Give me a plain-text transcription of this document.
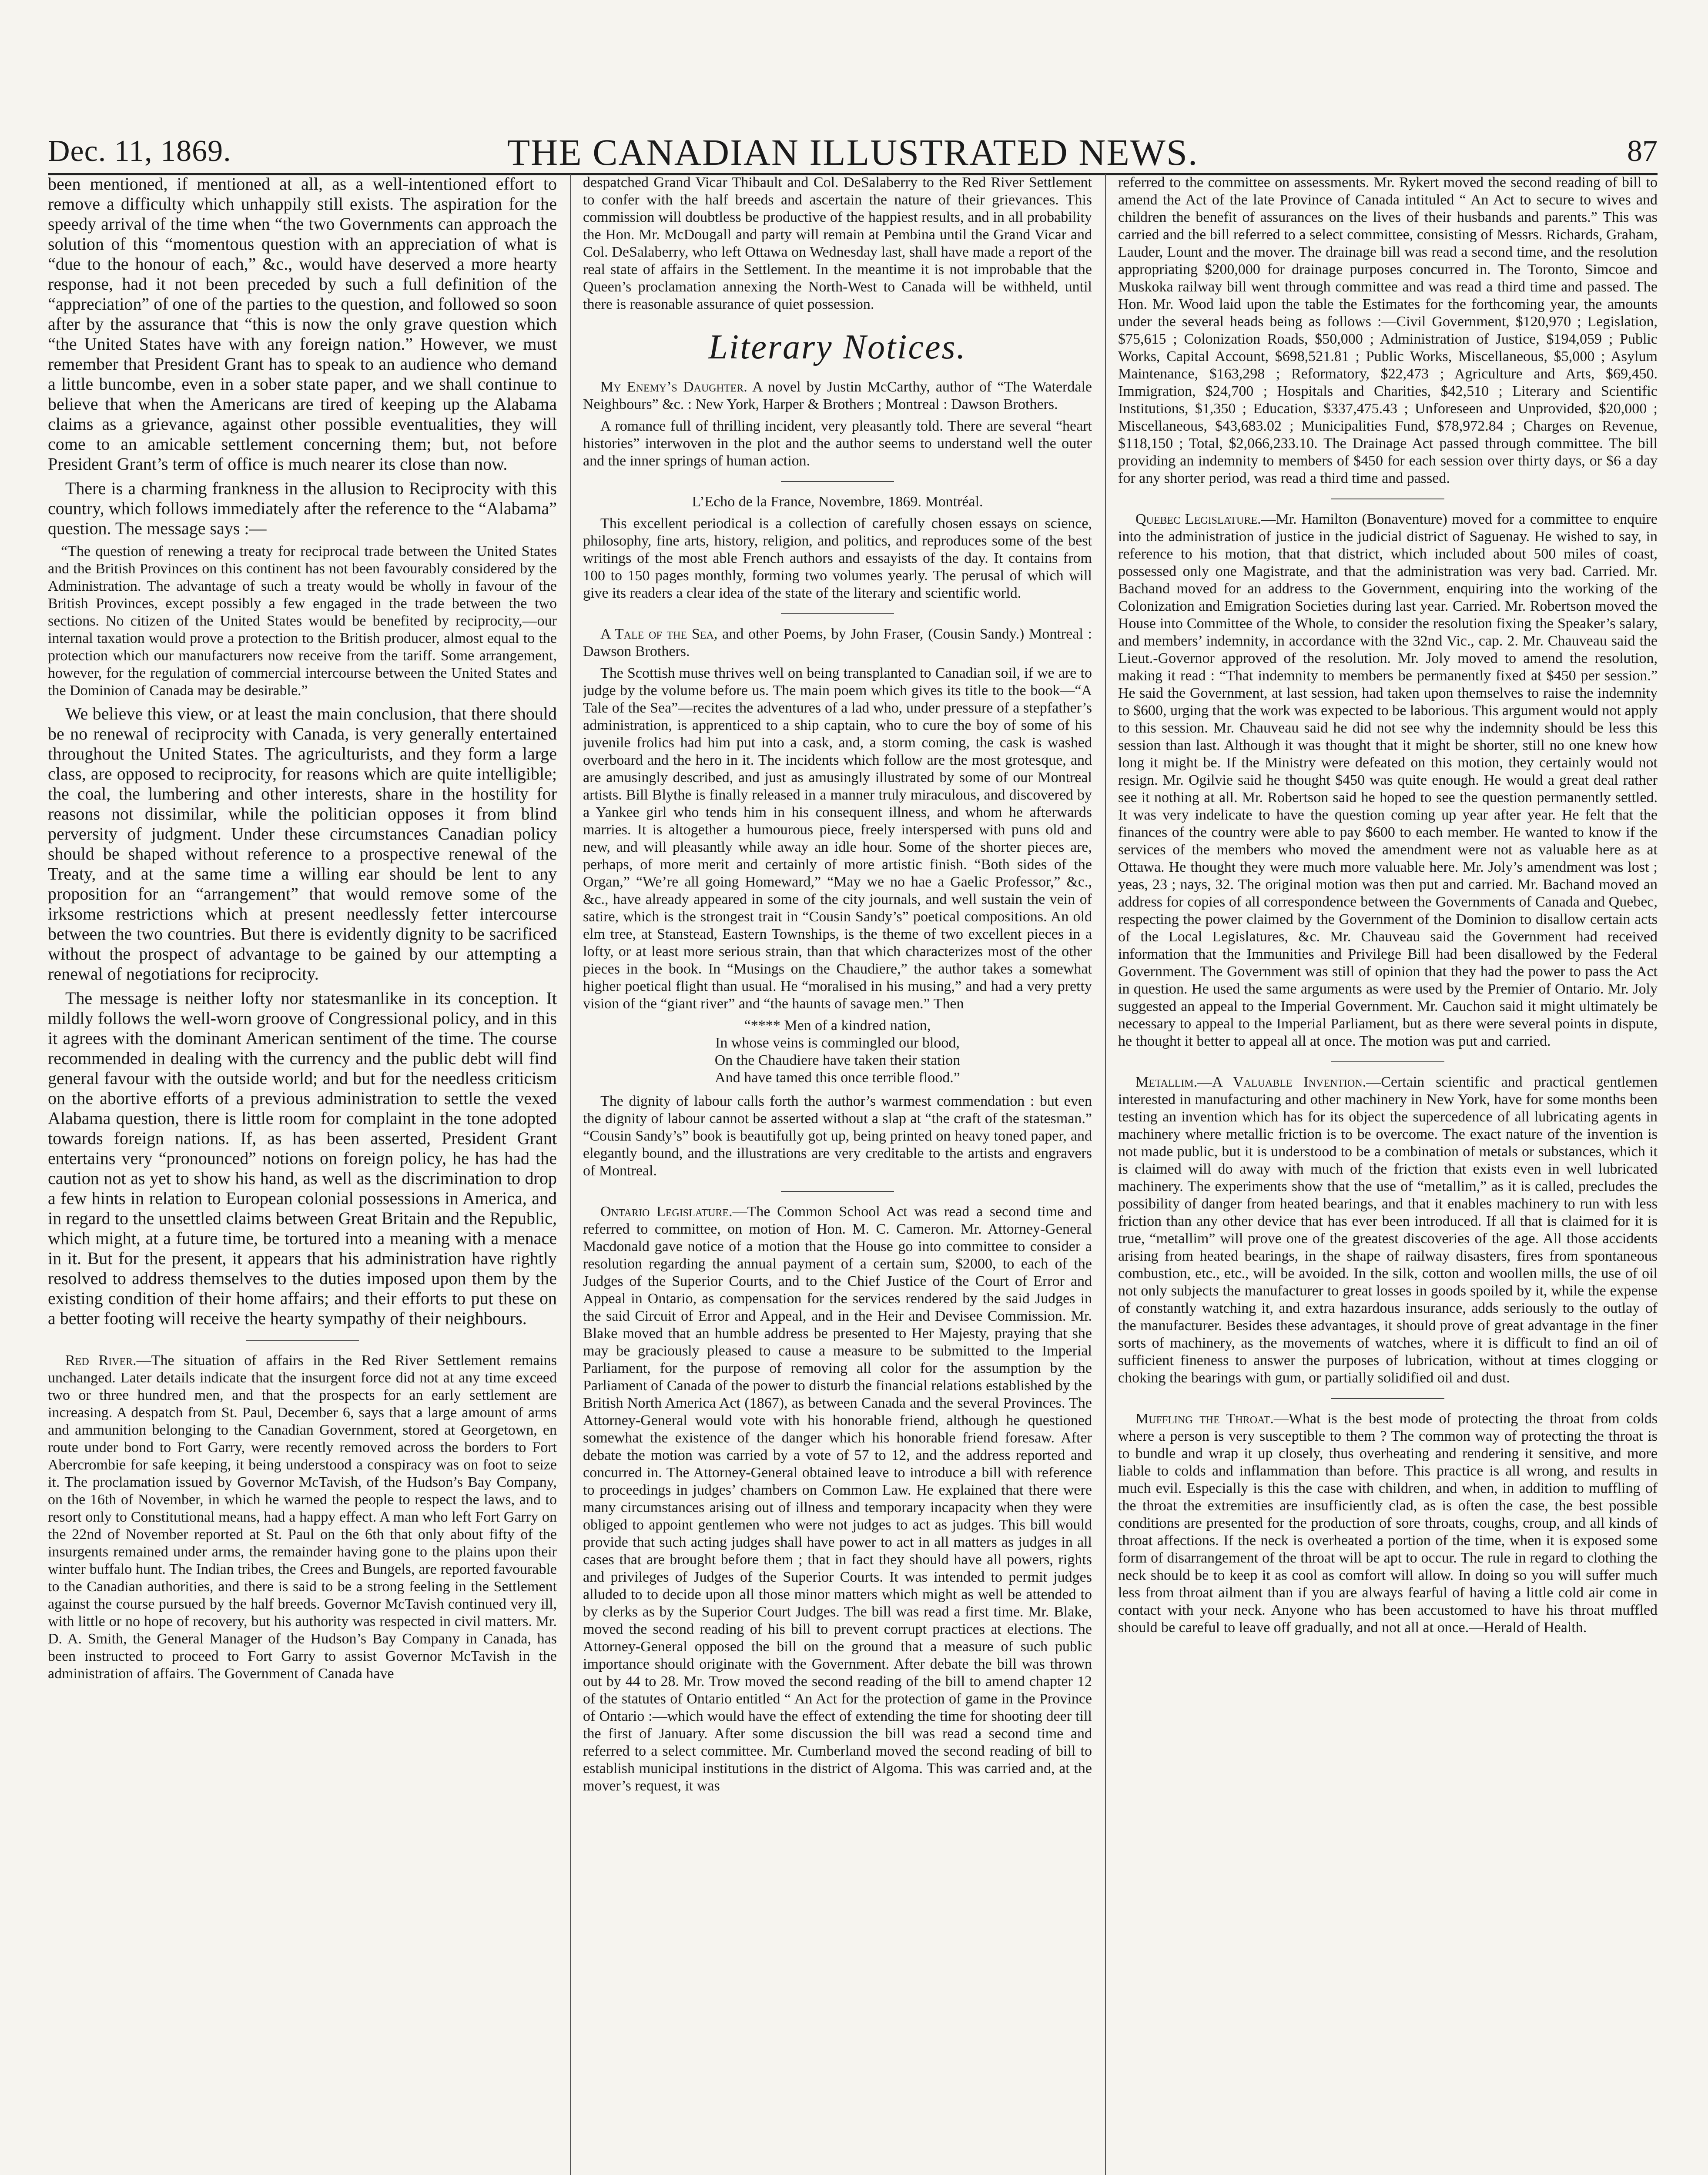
Dec. 11, 1869.	THE CANADIAN ILLUSTRATED NEWS.	87

been mentioned, if mentioned at all, as a well-intentioned effort to remove a difficulty which unhappily still exists. The aspiration for the speedy arrival of the time when “the two Governments can approach the solution of this “momentous question with an appreciation of what is “due to the honour of each,” &c., would have deserved a more hearty response, had it not been preceded by such a full definition of the “appreciation” of one of the parties to the question, and followed so soon after by the assurance that “this is now the only grave question which “the United States have with any foreign nation.” However, we must remember that President Grant has to speak to an audience who demand a little buncombe, even in a sober state paper, and we shall continue to believe that when the Americans are tired of keeping up the Alabama claims as a grievance, against other possible eventualities, they will come to an amicable settlement concerning them; but, not before President Grant’s term of office is much nearer its close than now.

There is a charming frankness in the allusion to Reciprocity with this country, which follows immediately after the reference to the “Alabama” question. The message says :—

“The question of renewing a treaty for reciprocal trade between the United States and the British Provinces on this continent has not been favourably considered by the Administration. The advantage of such a treaty would be wholly in favour of the British Provinces, except possibly a few engaged in the trade between the two sections. No citizen of the United States would be benefited by reciprocity,—our internal taxation would prove a protection to the British producer, almost equal to the protection which our manufacturers now receive from the tariff. Some arrangement, however, for the regulation of commercial intercourse between the United States and the Dominion of Canada may be desirable.”

We believe this view, or at least the main conclusion, that there should be no renewal of reciprocity with Canada, is very generally entertained throughout the United States. The agriculturists, and they form a large class, are opposed to reciprocity, for reasons which are quite intelligible; the coal, the lumbering and other interests, share in the hostility for reasons not dissimilar, while the politician opposes it from blind perversity of judgment. Under these circumstances Canadian policy should be shaped without reference to a prospective renewal of the Treaty, and at the same time a willing ear should be lent to any proposition for an “arrangement” that would remove some of the irksome restrictions which at present needlessly fetter intercourse between the two countries. But there is evidently dignity to be sacrificed without the prospect of advantage to be gained by our attempting a renewal of negotiations for reciprocity.

The message is neither lofty nor statesmanlike in its conception. It mildly follows the well-worn groove of Congressional policy, and in this it agrees with the dominant American sentiment of the time. The course recommended in dealing with the currency and the public debt will find general favour with the outside world; and but for the needless criticism on the abortive efforts of a previous administration to settle the vexed Alabama question, there is little room for complaint in the tone adopted towards foreign nations. If, as has been asserted, President Grant entertains very “pronounced” notions on foreign policy, he has had the caution not as yet to show his hand, as well as the discrimination to drop a few hints in relation to European colonial possessions in America, and in regard to the unsettled claims between Great Britain and the Republic, which might, at a future time, be tortured into a meaning with a menace in it. But for the present, it appears that his administration have rightly resolved to address themselves to the duties imposed upon them by the existing condition of their home affairs; and their efforts to put these on a better footing will receive the hearty sympathy of their neighbours.

Red River.—The situation of affairs in the Red River Settlement remains unchanged. Later details indicate that the insurgent force did not at any time exceed two or three hundred men, and that the prospects for an early settlement are increasing. A despatch from St. Paul, December 6, says that a large amount of arms and ammunition belonging to the Canadian Government, stored at Georgetown, en route under bond to Fort Garry, were recently removed across the borders to Fort Abercrombie for safe keeping, it being understood a conspiracy was on foot to seize it. The proclamation issued by Governor McTavish, of the Hudson’s Bay Company, on the 16th of November, in which he warned the people to respect the laws, and to resort only to Constitutional means, had a happy effect. A man who left Fort Garry on the 22nd of November reported at St. Paul on the 6th that only about fifty of the insurgents remained under arms, the remainder having gone to the plains upon their winter buffalo hunt. The Indian tribes, the Crees and Bungels, are reported favourable to the Canadian authorities, and there is said to be a strong feeling in the Settlement against the course pursued by the half breeds. Governor McTavish continued very ill, with little or no hope of recovery, but his authority was respected in civil matters. Mr. D. A. Smith, the General Manager of the Hudson’s Bay Company in Canada, has been instructed to proceed to Fort Garry to assist Governor McTavish in the administration of affairs. The Government of Canada have

despatched Grand Vicar Thibault and Col. DeSalaberry to the Red River Settlement to confer with the half breeds and ascertain the nature of their grievances. This commission will doubtless be productive of the happiest results, and in all probability the Hon. Mr. McDougall and party will remain at Pembina until the Grand Vicar and Col. DeSalaberry, who left Ottawa on Wednesday last, shall have made a report of the real state of affairs in the Settlement. In the meantime it is not improbable that the Queen’s proclamation annexing the North-West to Canada will be withheld, until there is reasonable assurance of quiet possession.

Literary Notices.

My Enemy’s Daughter. A novel by Justin McCarthy, author of “The Waterdale Neighbours” &c. : New York, Harper & Brothers ; Montreal : Dawson Brothers.

A romance full of thrilling incident, very pleasantly told. There are several “heart histories” interwoven in the plot and the author seems to understand well the outer and the inner springs of human action.

L’Echo de la France, Novembre, 1869. Montréal.

This excellent periodical is a collection of carefully chosen essays on science, philosophy, fine arts, history, religion, and politics, and reproduces some of the best writings of the most able French authors and essayists of the day. It contains from 100 to 150 pages monthly, forming two volumes yearly. The perusal of which will give its readers a clear idea of the state of the literary and scientific world.

A Tale of the Sea, and other Poems, by John Fraser, (Cousin Sandy.) Montreal : Dawson Brothers.

The Scottish muse thrives well on being transplanted to Canadian soil, if we are to judge by the volume before us. The main poem which gives its title to the book—“A Tale of the Sea”—recites the adventures of a lad who, under pressure of a stepfather’s administration, is apprenticed to a ship captain, who to cure the boy of some of his juvenile frolics had him put into a cask, and, a storm coming, the cask is washed overboard and the hero in it. The incidents which follow are the most grotesque, and are amusingly described, and just as amusingly illustrated by some of our Montreal artists. Bill Blythe is finally released in a manner truly miraculous, and discovered by a Yankee girl who tends him in his consequent illness, and whom he afterwards marries. It is altogether a humourous piece, freely interspersed with puns old and new, and will pleasantly while away an idle hour. Some of the shorter pieces are, perhaps, of more merit and certainly of more artistic finish. “Both sides of the Organ,” “We’re all going Homeward,” “May we no hae a Gaelic Professor,” &c., &c., have already appeared in some of the city journals, and well sustain the vein of satire, which is the strongest trait in “Cousin Sandy’s” poetical compositions. An old elm tree, at Stanstead, Eastern Townships, is the theme of two excellent pieces in a lofty, or at least more serious strain, than that which characterizes most of the other pieces in the book. In “Musings on the Chaudiere,” the author takes a somewhat higher poetical flight than usual. He “moralised in his musing,” and had a very pretty vision of the “giant river” and “the haunts of savage men.” Then

“**** Men of a kindred nation,
In whose veins is commingled our blood,
On the Chaudiere have taken their station
And have tamed this once terrible flood.”

The dignity of labour calls forth the author’s warmest commendation : but even the dignity of labour cannot be asserted without a slap at “the craft of the statesman.” “Cousin Sandy’s” book is beautifully got up, being printed on heavy toned paper, and elegantly bound, and the illustrations are very creditable to the artists and engravers of Montreal.

Ontario Legislature.—The Common School Act was read a second time and referred to committee, on motion of Hon. M. C. Cameron. Mr. Attorney-General Macdonald gave notice of a motion that the House go into committee to consider a resolution regarding the annual payment of a certain sum, $2000, to each of the Judges of the Superior Courts, and to the Chief Justice of the Court of Error and Appeal in Ontario, as compensation for the services rendered by the said Judges in the said Circuit of Error and Appeal, and in the Heir and Devisee Commission. Mr. Blake moved that an humble address be presented to Her Majesty, praying that she may be graciously pleased to cause a measure to be submitted to the Imperial Parliament, for the purpose of removing all color for the assumption by the Parliament of Canada of the power to disturb the financial relations established by the British North America Act (1867), as between Canada and the several Provinces. The Attorney-General would vote with his honorable friend, although he questioned somewhat the existence of the danger which his honorable friend foresaw. After debate the motion was carried by a vote of 57 to 12, and the address reported and concurred in. The Attorney-General obtained leave to introduce a bill with reference to proceedings in judges’ chambers on Common Law. He explained that there were many circumstances arising out of illness and temporary incapacity when they were obliged to appoint gentlemen who were not judges to act as judges. This bill would provide that such acting judges shall have power to act in all matters as judges in all cases that are brought before them ; that in fact they should have all powers, rights and privileges of Judges of the Superior Courts. It was intended to permit judges alluded to to decide upon all those minor matters which might as well be attended to by clerks as by the Superior Court Judges. The bill was read a first time. Mr. Blake, moved the second reading of his bill to prevent corrupt practices at elections. The Attorney-General opposed the bill on the ground that a measure of such public importance should originate with the Government. After debate the bill was thrown out by 44 to 28. Mr. Trow moved the second reading of the bill to amend chapter 12 of the statutes of Ontario entitled “ An Act for the protection of game in the Province of Ontario :—which would have the effect of extending the time for shooting deer till the first of January. After some discussion the bill was read a second time and referred to a select committee. Mr. Cumberland moved the second reading of bill to establish municipal institutions in the district of Algoma. This was carried and, at the mover’s request, it was

referred to the committee on assessments. Mr. Rykert moved the second reading of bill to amend the Act of the late Province of Canada intituled “ An Act to secure to wives and children the benefit of assurances on the lives of their husbands and parents.” This was carried and the bill referred to a select committee, consisting of Messrs. Richards, Graham, Lauder, Lount and the mover. The drainage bill was read a second time, and the resolution appropriating $200,000 for drainage purposes concurred in. The Toronto, Simcoe and Muskoka railway bill went through committee and was read a third time and passed. The Hon. Mr. Wood laid upon the table the Estimates for the forthcoming year, the amounts under the several heads being as follows :—Civil Government, $120,970 ; Legislation, $75,615 ; Colonization Roads, $50,000 ; Administration of Justice, $194,059 ; Public Works, Capital Account, $698,521.81 ; Public Works, Miscellaneous, $5,000 ; Asylum Maintenance, $163,298 ; Reformatory, $22,473 ; Agriculture and Arts, $69,450. Immigration, $24,700 ; Hospitals and Charities, $42,510 ; Literary and Scientific Institutions, $1,350 ; Education, $337,475.43 ; Unforeseen and Unprovided, $20,000 ; Miscellaneous, $43,683.02 ; Municipalities Fund, $78,972.84 ; Charges on Revenue, $118,150 ; Total, $2,066,233.10. The Drainage Act passed through committee. The bill providing an indemnity to members of $450 for each session over thirty days, or $6 a day for any shorter period, was read a third time and passed.

Quebec Legislature.—Mr. Hamilton (Bonaventure) moved for a committee to enquire into the administration of justice in the judicial district of Saguenay. He wished to say, in reference to his motion, that that district, which included about 500 miles of coast, possessed only one Magistrate, and that the administration was very bad. Carried. Mr. Bachand moved for an address to the Government, enquiring into the working of the Colonization and Emigration Societies during last year. Carried. Mr. Robertson moved the House into Committee of the Whole, to consider the resolution fixing the Speaker’s salary, and members’ indemnity, in accordance with the 32nd Vic., cap. 2. Mr. Chauveau said the Lieut.-Governor approved of the resolution. Mr. Joly moved to amend the resolution, making it read : “That indemnity to members be permanently fixed at $450 per session.” He said the Government, at last session, had taken upon themselves to raise the indemnity to $600, urging that the work was expected to be laborious. This argument would not apply to this session. Mr. Chauveau said he did not see why the indemnity should be less this session than last. Although it was thought that it might be shorter, still no one knew how long it might be. If the Ministry were defeated on this motion, they certainly would not resign. Mr. Ogilvie said he thought $450 was quite enough. He would a great deal rather see it nothing at all. Mr. Robertson said he hoped to see the question permanently settled. It was very indelicate to have the question coming up year after year. He felt that the finances of the country were able to pay $600 to each member. He wanted to know if the services of the members who moved the amendment were not as valuable here as at Ottawa. He thought they were much more valuable here. Mr. Joly’s amendment was lost ; yeas, 23 ; nays, 32. The original motion was then put and carried. Mr. Bachand moved an address for copies of all correspondence between the Governments of Canada and Quebec, respecting the power claimed by the Government of the Dominion to disallow certain acts of the Local Legislatures, &c. Mr. Chauveau said the Government had received information that the Immunities and Privilege Bill had been disallowed by the Federal Government. The Government was still of opinion that they had the power to pass the Act in question. He used the same arguments as were used by the Premier of Ontario. Mr. Joly suggested an appeal to the Imperial Government. Mr. Cauchon said it might ultimately be necessary to appeal to the Imperial Parliament, but as there were several points in dispute, he thought it better to appeal all at once. The motion was put and carried.

Metallim.—A Valuable Invention.—Certain scientific and practical gentlemen interested in manufacturing and other machinery in New York, have for some months been testing an invention which has for its object the supercedence of all lubricating agents in machinery where metallic friction is to be overcome. The exact nature of the invention is not made public, but it is understood to be a combination of metals or substances, which it is claimed will do away with much of the friction that exists even in well lubricated machinery. The experiments show that the use of “metallim,” as it is called, precludes the possibility of danger from heated bearings, and that it enables machinery to run with less friction than any other device that has ever been introduced. If all that is claimed for it is true, “metallim” will prove one of the greatest discoveries of the age. All those accidents arising from heated bearings, in the shape of railway disasters, fires from spontaneous combustion, etc., etc., will be avoided. In the silk, cotton and woollen mills, the use of oil not only subjects the manufacturer to great losses in goods spoiled by it, while the expense of constantly watching it, and extra hazardous insurance, adds seriously to the outlay of the manufacturer. Besides these advantages, it should prove of great advantage in the finer sorts of machinery, as the movements of watches, where it is difficult to find an oil of sufficient fineness to answer the purposes of lubrication, without at times clogging or choking the bearings with gum, or partially solidified oil and dust.

Muffling the Throat.—What is the best mode of protecting the throat from colds where a person is very susceptible to them ? The common way of protecting the throat is to bundle and wrap it up closely, thus overheating and rendering it sensitive, and more liable to colds and inflammation than before. This practice is all wrong, and results in much evil. Especially is this the case with children, and when, in addition to muffling of the throat the extremities are insufficiently clad, as is often the case, the best possible conditions are presented for the production of sore throats, coughs, croup, and all kinds of throat affections. If the neck is overheated a portion of the time, when it is exposed some form of disarrangement of the throat will be apt to occur. The rule in regard to clothing the neck should be to keep it as cool as comfort will allow. In doing so you will suffer much less from throat ailment than if you are always fearful of having a little cold air come in contact with your neck. Anyone who has been accustomed to have his throat muffled should be careful to leave off gradually, and not all at once.—Herald of Health.
